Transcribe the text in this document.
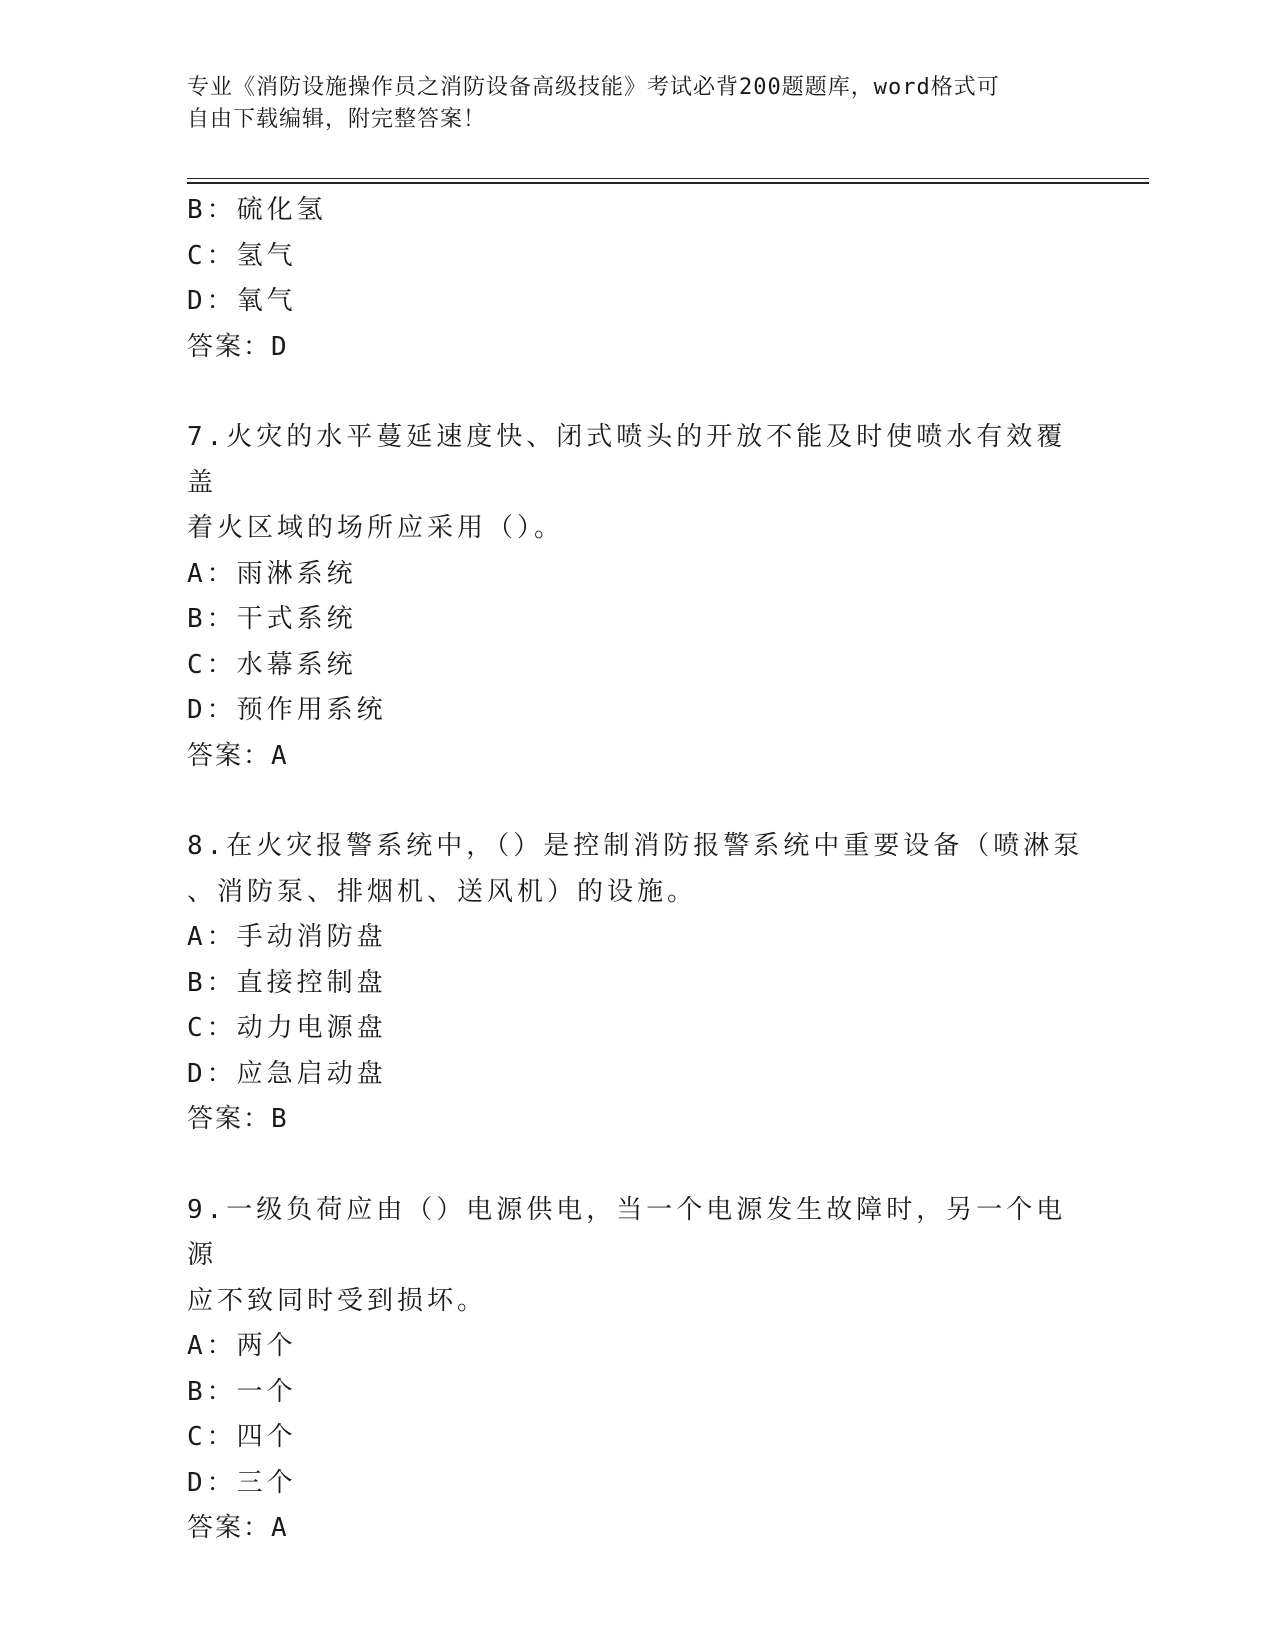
专业《消防设施操作员之消防设备高级技能》考试必背200题题库，word格式可
自由下载编辑，附完整答案！

B：硫化氢

C：氢气

D：氧气

答案：D

7.火灾的水平蔓延速度快、闭式喷头的开放不能及时使喷水有效覆盖

着火区域的场所应采用（）。

A：雨淋系统

B：干式系统

C：水幕系统

D：预作用系统

答案：A

8.在火灾报警系统中，（）是控制消防报警系统中重要设备（喷淋泵

、消防泵、排烟机、送风机）的设施。

A：手动消防盘

B：直接控制盘

C：动力电源盘

D：应急启动盘

答案：B

9.一级负荷应由（）电源供电，当一个电源发生故障时，另一个电源

应不致同时受到损坏。

A：两个

B：一个

C：四个

D：三个

答案：A
